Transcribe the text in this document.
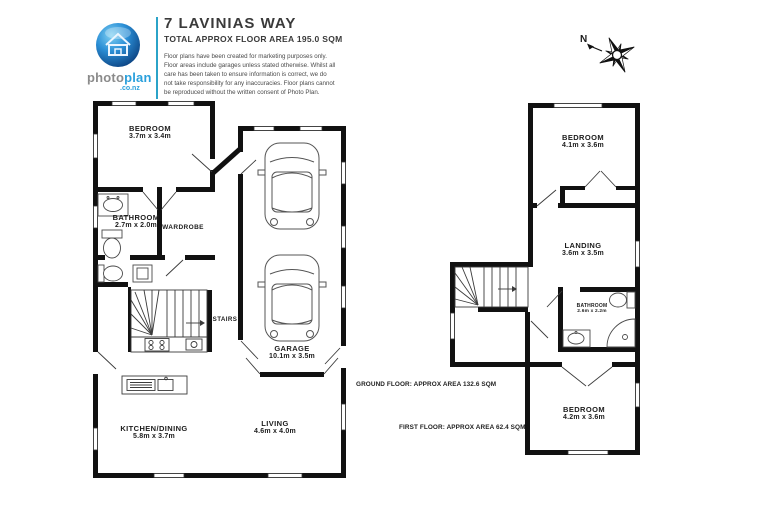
photoplan
.co.nz
7 LAVINIAS WAY
TOTAL APPROX FLOOR AREA 195.0 SQM
Floor plans have been created for marketing purposes only. Floor areas include garages unless stated otherwise. Whilst all care has been taken to ensure information is correct, we do not take responsibility for any inaccuracies. Floor plans cannot be reproduced without the written consent of Photo Plan.
N
BEDROOM
3.7m x 3.4m
BATHROOM
2.7m x 2.0m WARDROBE
STAIRS
GARAGE
10.1m x 3.5m
KITCHEN/DINING
5.8m x 3.7m
LIVING
4.6m x 4.0m
BEDROOM
4.1m x 3.6m
LANDING
3.6m x 3.5m
BATHROOM
2.6m x 2.2m
BEDROOM
4.2m x 3.6m
GROUND FLOOR: APPROX AREA 132.6 SQM
FIRST FLOOR: APPROX AREA 62.4 SQM
